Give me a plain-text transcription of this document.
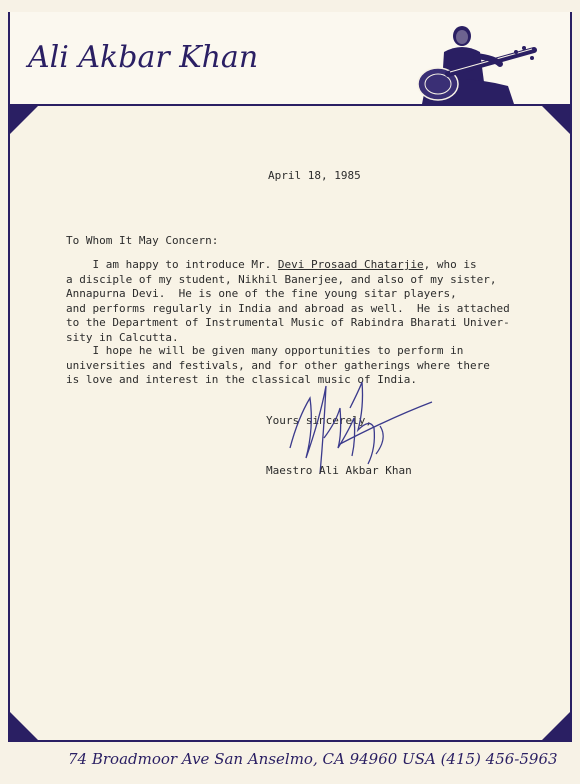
Ali Akbar Khan

April 18, 1985

To Whom It May Concern:

I am happy to introduce Mr. Devi Prosaad Chatarjie, who is
a disciple of my student, Nikhil Banerjee, and also of my sister,
Annapurna Devi.  He is one of the fine young sitar players,
and performs regularly in India and abroad as well.  He is attached
to the Department of Instrumental Music of Rabindra Bharati Univer-
sity in Calcutta.
I hope he will be given many opportunities to perform in
universities and festivals, and for other gatherings where there
is love and interest in the classical music of India.

Yours sincerely,

Maestro Ali Akbar Khan

74 Broadmoor Ave San Anselmo, CA 94960 USA (415) 456-5963
